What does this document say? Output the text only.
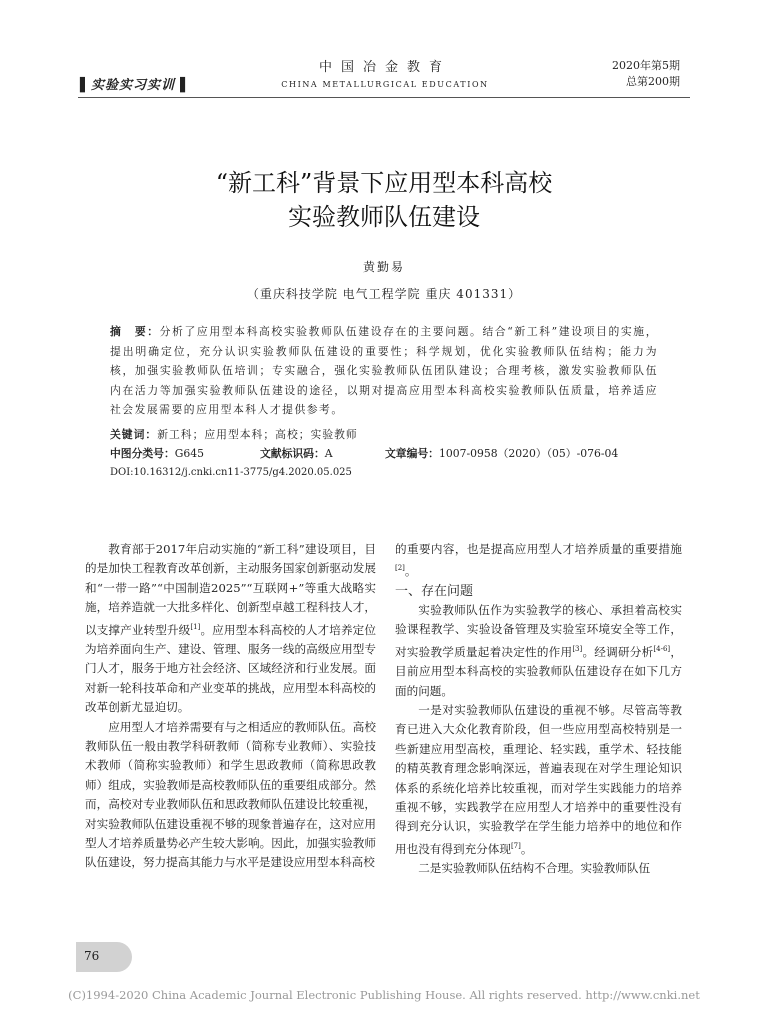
▌实验实习实训▐
中国冶金教育
CHINA METALLURGICAL EDUCATION
2020年第5期
总第200期
“新工科”背景下应用型本科高校
实验教师队伍建设
黄勤易
（重庆科技学院 电气工程学院 重庆 401331）
摘　要：分析了应用型本科高校实验教师队伍建设存在的主要问题。结合“新工科”建设项目的实施，提出明确定位，充分认识实验教师队伍建设的重要性；科学规划，优化实验教师队伍结构；能力为核，加强实验教师队伍培训；专实融合，强化实验教师队伍团队建设；合理考核，激发实验教师队伍内在活力等加强实验教师队伍建设的途径，以期对提高应用型本科高校实验教师队伍质量，培养适应社会发展需要的应用型本科人才提供参考。
关键词：新工科；应用型本科；高校；实验教师
中图分类号：G645	文献标识码：A	文章编号：1007-0958（2020）（05）-076-04
DOI:10.16312/j.cnki.cn11-3775/g4.2020.05.025

教育部于2017年启动实施的“新工科”建设项目，目的是加快工程教育改革创新，主动服务国家创新驱动发展和“一带一路”“中国制造2025”“互联网+”等重大战略实施，培养造就一大批多样化、创新型卓越工程科技人才，以支撑产业转型升级[1]。应用型本科高校的人才培养定位为培养面向生产、建设、管理、服务一线的高级应用型专门人才，服务于地方社会经济、区域经济和行业发展。面对新一轮科技革命和产业变革的挑战，应用型本科高校的改革创新尤显迫切。

应用型人才培养需要有与之相适应的教师队伍。高校教师队伍一般由教学科研教师（简称专业教师）、实验技术教师（简称实验教师）和学生思政教师（简称思政教师）组成，实验教师是高校教师队伍的重要组成部分。然而，高校对专业教师队伍和思政教师队伍建设比较重视，对实验教师队伍建设重视不够的现象普遍存在，这对应用型人才培养质量势必产生较大影响。因此，加强实验教师队伍建设，努力提高其能力与水平是建设应用型本科高校

的重要内容，也是提高应用型人才培养质量的重要措施[2]。

一、存在问题

实验教师队伍作为实验教学的核心、承担着高校实验课程教学、实验设备管理及实验室环境安全等工作，对实验教学质量起着决定性的作用[3]。经调研分析[4-6]，目前应用型本科高校的实验教师队伍建设存在如下几方面的问题。

一是对实验教师队伍建设的重视不够。尽管高等教育已进入大众化教育阶段，但一些应用型高校特别是一些新建应用型高校，重理论、轻实践，重学术、轻技能的精英教育理念影响深远，普遍表现在对学生理论知识体系的系统化培养比较重视，而对学生实践能力的培养重视不够，实践教学在应用型人才培养中的重要性没有得到充分认识，实验教学在学生能力培养中的地位和作用也没有得到充分体现[7]。

二是实验教师队伍结构不合理。实验教师队伍

76
(C)1994-2020 China Academic Journal Electronic Publishing House. All rights reserved. http://www.cnki.net
